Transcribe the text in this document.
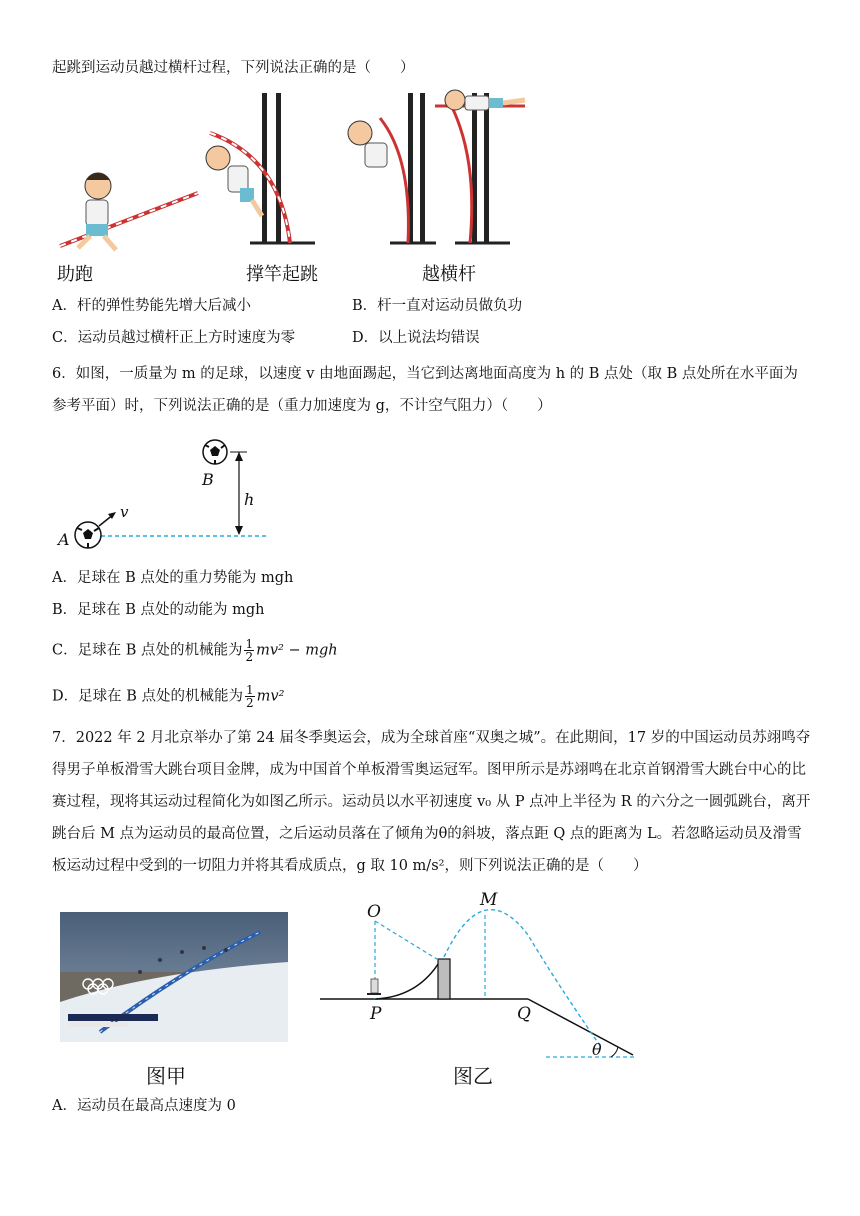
起跳到运动员越过横杆过程，下列说法正确的是（　　）
助跑	撑竿起跳	越横杆
A．杆的弹性势能先增大后减小	B．杆一直对运动员做负功
C．运动员越过横杆正上方时速度为零	D．以上说法均错误
6．如图，一质量为 m 的足球，以速度 v 由地面踢起，当它到达离地面高度为 h 的 B 点处（取 B 点处所在水平面为参考平面）时，下列说法正确的是（重力加速度为 g，不计空气阻力）（　　）
A
B
v
h
A．足球在 B 点处的重力势能为 mgh
B．足球在 B 点处的动能为 mgh
C．足球在 B 点处的机械能为 $\frac{1}{2} mv^2$ − mgh
D．足球在 B 点处的机械能为 $\frac{1}{2} mv^2$
7．2022 年 2 月北京举办了第 24 届冬季奥运会，成为全球首座“双奥之城”。在此期间，17 岁的中国运动员苏翊鸣夺得男子单板滑雪大跳台项目金牌，成为中国首个单板滑雪奥运冠军。图甲所示是苏翊鸣在北京首钢滑雪大跳台中心的比赛过程，现将其运动过程简化为如图乙所示。运动员以水平初速度 v₀ 从 P 点冲上半径为 R 的六分之一圆弧跳台，离开跳台后 M 点为运动员的最高位置，之后运动员落在了倾角为θ的斜坡，落点距 Q 点的距离为 L。若忽略运动员及滑雪板运动过程中受到的一切阻力并将其看成质点，g 取 10 m/s²，则下列说法正确的是（　　）
O
M
P	Q
θ
图甲	图乙
A．运动员在最高点速度为 0
